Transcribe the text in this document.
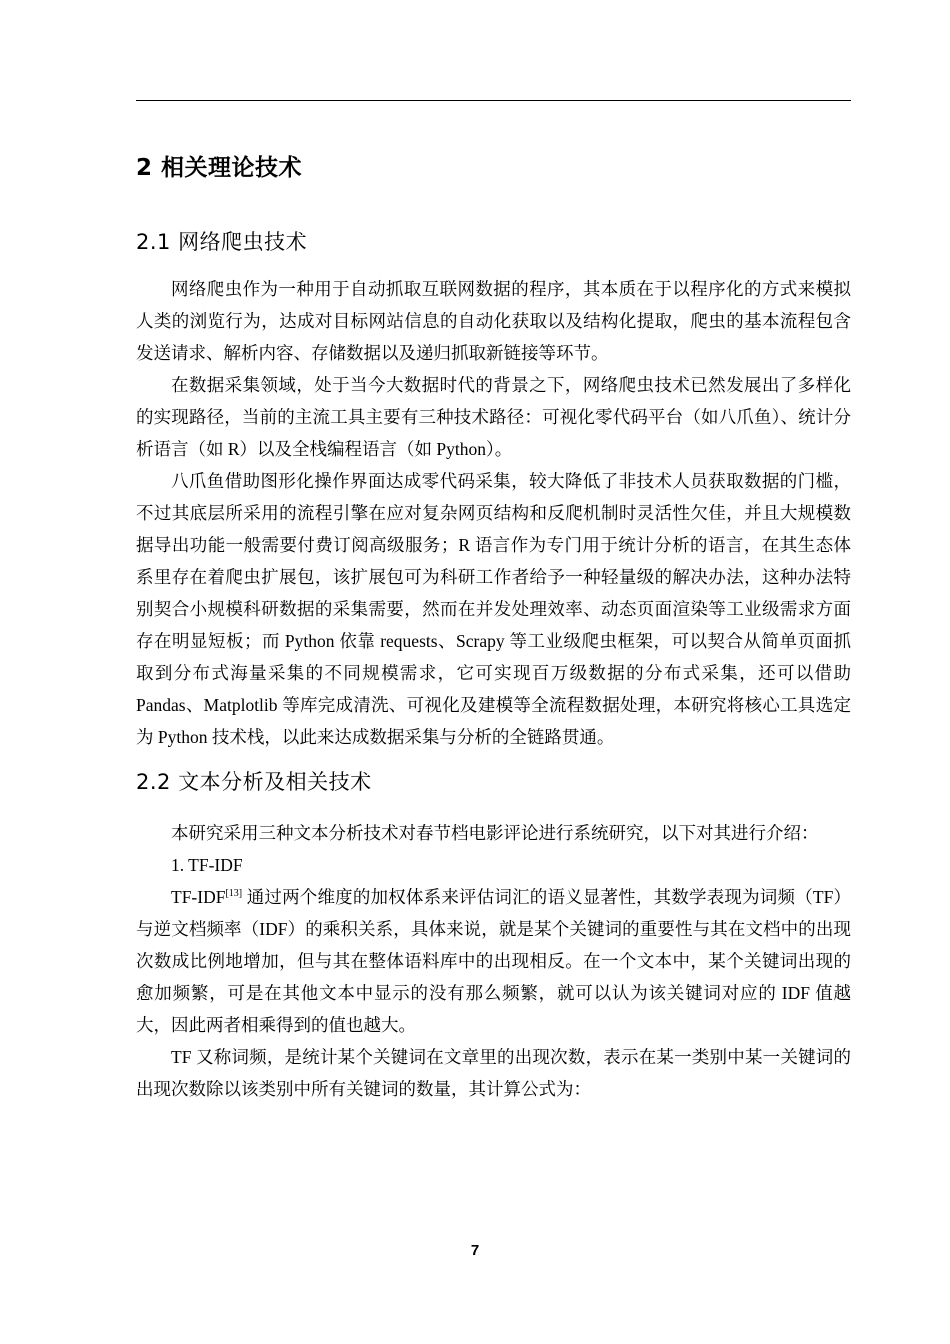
2 相关理论技术
2.1 网络爬虫技术

网络爬虫作为一种用于自动抓取互联网数据的程序，其本质在于以程序化的方式来模拟人类的浏览行为，达成对目标网站信息的自动化获取以及结构化提取，爬虫的基本流程包含发送请求、解析内容、存储数据以及递归抓取新链接等环节。

在数据采集领域，处于当今大数据时代的背景之下，网络爬虫技术已然发展出了多样化的实现路径，当前的主流工具主要有三种技术路径：可视化零代码平台（如八爪鱼）、统计分析语言（如 R）以及全栈编程语言（如 Python）。

八爪鱼借助图形化操作界面达成零代码采集，较大降低了非技术人员获取数据的门槛，不过其底层所采用的流程引擎在应对复杂网页结构和反爬机制时灵活性欠佳，并且大规模数据导出功能一般需要付费订阅高级服务；R 语言作为专门用于统计分析的语言，在其生态体系里存在着爬虫扩展包，该扩展包可为科研工作者给予一种轻量级的解决办法，这种办法特别契合小规模科研数据的采集需要，然而在并发处理效率、动态页面渲染等工业级需求方面存在明显短板；而 Python 依靠 requests、Scrapy 等工业级爬虫框架，可以契合从简单页面抓取到分布式海量采集的不同规模需求，它可实现百万级数据的分布式采集，还可以借助 Pandas、Matplotlib 等库完成清洗、可视化及建模等全流程数据处理，本研究将核心工具选定为 Python 技术栈，以此来达成数据采集与分析的全链路贯通。

2.2 文本分析及相关技术

本研究采用三种文本分析技术对春节档电影评论进行系统研究，以下对其进行介绍：

1. TF-IDF

TF-IDF[13] 通过两个维度的加权体系来评估词汇的语义显著性，其数学表现为词频（TF）与逆文档频率（IDF）的乘积关系，具体来说，就是某个关键词的重要性与其在文档中的出现次数成比例地增加，但与其在整体语料库中的出现相反。在一个文本中，某个关键词出现的愈加频繁，可是在其他文本中显示的没有那么频繁，就可以认为该关键词对应的 IDF 值越大，因此两者相乘得到的值也越大。

TF 又称词频，是统计某个关键词在文章里的出现次数，表示在某一类别中某一关键词的出现次数除以该类别中所有关键词的数量，其计算公式为：

7
